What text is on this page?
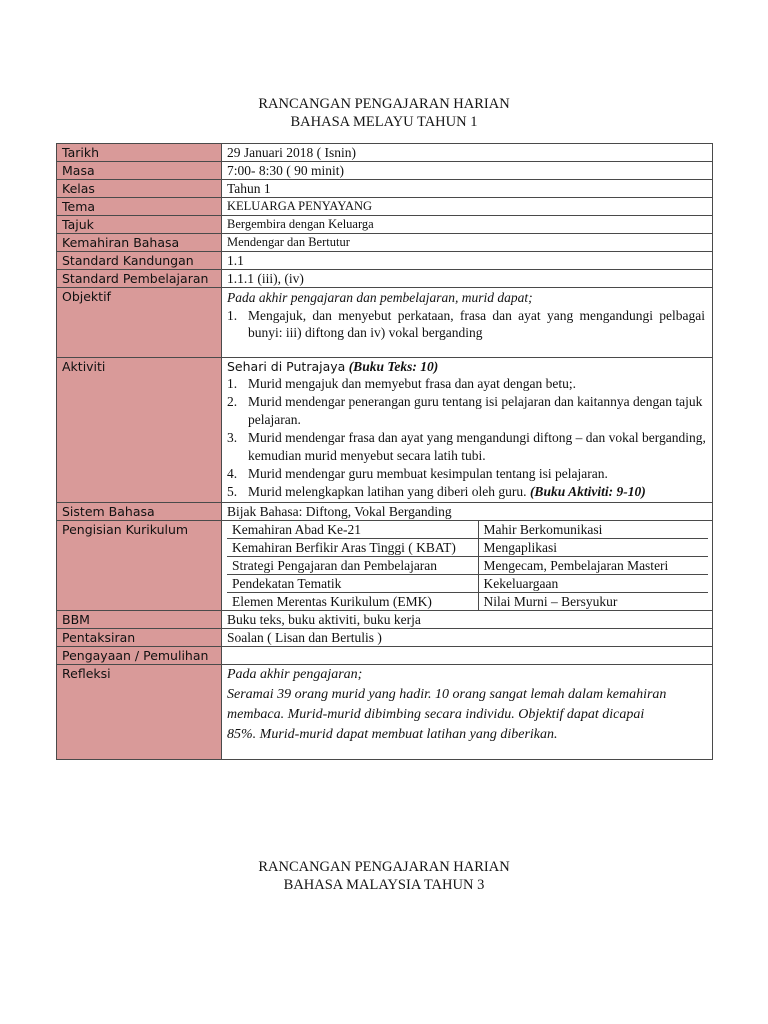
RANCANGAN PENGAJARAN HARIAN
BAHASA MELAYU TAHUN 1
Tarikh	29 Januari 2018 ( Isnin)
Masa	7:00- 8:30 ( 90 minit)
Kelas	Tahun 1
Tema	KELUARGA PENYAYANG
Tajuk	Bergembira dengan Keluarga
Kemahiran Bahasa	Mendengar dan Bertutur
Standard Kandungan	1.1
Standard Pembelajaran	1.1.1 (iii), (iv)
Objektif	Pada akhir pengajaran dan pembelajaran, murid dapat;
1. Mengajuk, dan menyebut perkataan, frasa dan ayat yang mengandungi pelbagai bunyi: iii) diftong dan iv) vokal berganding

Aktiviti	Sehari di Putrajaya (Buku Teks: 10)
1. Murid mengajuk dan memyebut frasa dan ayat dengan betu;.
2. Murid mendengar penerangan guru tentang isi pelajaran dan kaitannya dengan tajuk pelajaran.
3. Murid mendengar frasa dan ayat yang mengandungi diftong – dan vokal berganding, kemudian murid menyebut secara latih tubi.
4. Murid mendengar guru membuat kesimpulan tentang isi pelajaran.
5. Murid melengkapkan latihan yang diberi oleh guru. (Buku Aktiviti: 9-10)

Sistem Bahasa	Bijak Bahasa: Diftong, Vokal Berganding
Pengisian Kurikulum		Kemahiran Abad Ke-21	Mahir Berkomunikasi
Kemahiran Berfikir Aras Tinggi ( KBAT)	Mengaplikasi
Strategi Pengajaran dan Pembelajaran	Mengecam, Pembelajaran Masteri
Pendekatan Tematik	Kekeluargaan
Elemen Merentas Kurikulum (EMK)	Nilai Murni – Bersyukur

BBM	Buku teks, buku aktiviti, buku kerja
Pentaksiran	Soalan ( Lisan dan Bertulis )
Pengayaan / Pemulihan	
Refleksi	Pada akhir pengajaran;
Seramai 39 orang murid yang hadir. 10 orang sangat lemah dalam kemahiran membaca. Murid-murid dibimbing secara individu. Objektif dapat dicapai 85%. Murid-murid dapat membuat latihan yang diberikan.
RANCANGAN PENGAJARAN HARIAN
BAHASA MALAYSIA TAHUN 3
